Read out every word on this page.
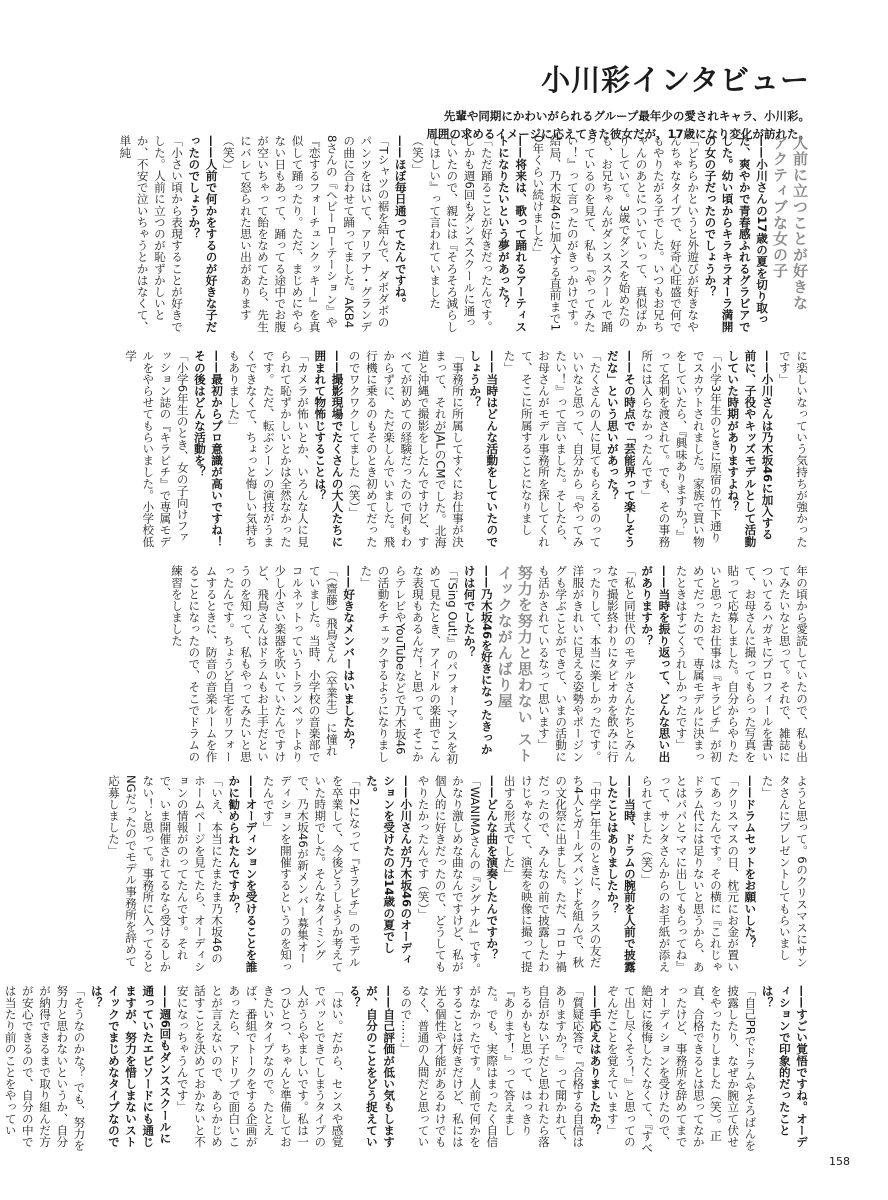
小川彩インタビュー

先輩や同期にかわいがられるグループ最年少の愛されキャラ、小川彩。

周囲の求めるイメージに応えてきた彼女だが、17歳になり変化が訪れた。

人前に立つことが好きな アクティブな女の子
——小川さんの17歳の夏を切り取った、爽やかで青春感ふれるグラビアでした。幼い頃からキラキラオーラ満開の女の子だったのでしょうか？
「どちらかというと外遊びが好きなやんちゃなタイプで、好奇心旺盛で何でもやりたがる子でした。いつもお兄ちゃんのあとについていって、真似ばかりしていて。3歳でダンスを始めたのも、お兄ちゃんがダンススクールで踊っているのを見て、私も『やってみたい！』って言ったのがきっかけです。結局、乃木坂46に加入する直前まで10年くらい続けました」
——将来は、歌って踊れるアーティストになりたいという夢があった？
「ただ踊ることが好きだったんです。しかも週6回もダンススクールに通っていたので、親には『そろそろ減らしてほしい』って言われていました（笑）」
——ほぼ毎日通ってたんですね。
「Tシャツの裾を結んで、ダボダボのパンツをはいて、アリアナ・グランデの曲に合わせて踊ってました。AKB48さんの『ヘビーローテーション』や『恋するフォーチュンクッキー』を真似して踊ったり。ただ、まじめにやらない日もあって、踊ってる途中でお腹が空いちゃって飴をなめてたら、先生にバレて怒られた思い出があります（笑）」
——人前で何かをするのが好きな子だったのでしょうか？
「小さい頃から表現することが好きでした。人前に立つのが恥ずかしいとか、不安で泣いちゃうとかはなくて、単純
に楽しいなっていう気持ちが強かったです」
——小川さんは乃木坂46に加入する前に、子役やキッズモデルとして活動していた時期がありますよね？
「小学3年生のときに原宿の竹下通りでスカウトされました。家族で買い物をしていたら、『興味ありますか？』って名刺を渡されて。でも、その事務所には入らなかったんです」
——その時点で「芸能界って楽しそうだな」という思いがあった？
「たくさんの人に見てもらえるのっていいなと思って、自分から『やってみたい！』って言いました。そしたら、お母さんがモデル事務所を探してくれて、そこに所属することになりました」
——当時はどんな活動をしていたのでしょうか？
「事務所に所属してすぐにお仕事が決まって、それがJALのCMでした。北海道と沖縄で撮影をしたんですけど、すべてが初めての経験だったので何もわからずに、ただ楽しんでいました。飛行機に乗るのもそのとき初めてだったのでワクワクしてました（笑）」
——撮影現場でたくさんの大人たちに囲まれて物怖じすることは？
「カメラが怖いとか、いろんな人に見られて恥ずかしいとかは全然なかったです。ただ、転ぶシーンの演技がうまくできなくて、ちょっと悔しい気持ちもありました」
——最初からプロ意識が高いですね！その後はどんな活動を？
「小学6年生のとき、女の子向けファッション誌の『キラピチ』で専属モデルをやらせてもらいました。小学校低学
年の頃から愛読していたので、私も出てみたいなと思って。それで、雑誌についてるハガキにプロフィールを書いて、お母さんに撮ってもらった写真を貼って応募しました。自分からやりたいと思ったお仕事は『キラピチ』が初めてだったので、専属モデルに決まったときはすごくうれしかったです」
——当時を振り返って、どんな思い出がありますか？
「私と同世代のモデルさんたちとみんなで撮影終わりにタピオカを飲みに行ったりして、本当に楽しかったです。洋服がきれいに見える姿勢やポージングも学ぶことができて、いまの活動にも活かされているなって思います」
努力を努力と思わない ストイックながんばり屋
——乃木坂46を好きになったきっかけは何でしたか？
「『Sing Out!』のパフォーマンスを初めて見たとき、アイドルの楽曲でこんな表現もあるんだ！と思って。そこからテレビやYouTubeなどで乃木坂46の活動をチェックするようになりました」
——好きなメンバーはいましたか？
「（齋藤）飛鳥さん（卒業生）に憧れていました。当時、小学校の音楽部でコルネットっていうトランペットより少し小さい楽器を吹いていたんですけど、飛鳥さんはドラムもお上手だというのを知って、私もやってみたいと思ったんです。ちょうど自宅をリフォームするときに、防音の音楽ルームを作ることになったので、そこでドラムの練習をしました
ようと思って。6のクリスマスにサンタさんにプレゼントしてもらいました」
——ドラムセットをお願いした？
「クリスマスの日、枕元にお金が置いてあったんです。その横に『これじゃドラム代には足りないと思うから、あとはパパとママに出してもらってね』って、サンタさんからのお手紙が添えられてました（笑）」
——当時、ドラムの腕前を人前で披露したことはありましたか？
「中学1年生のときに、クラスの友だち4人とガールズバンドを組んで、秋の文化祭に出ました。ただ、コロナ禍だったので、みんなの前で披露したわけじゃなくて、演奏を映像に撮って提出する形式でした」
——どんな曲を演奏したんですか？
「WANIMAさんの『シグナル』です。かなり激しめな曲なんですけど、私が個人的に好きだったので、どうしてもやりたかったんです（笑）」
——小川さんが乃木坂46のオーディションを受けたのは14歳の夏でした。
「中2になって『キラピチ』のモデルを卒業して、今後どうしようか考えていた時期でした。そんなタイミングで、乃木坂46が新メンバー募集オーディションを開催するというのを知ったんです」
——オーディションを受けることを誰かに勧められたんですか？
「いえ、本当にたまたま乃木坂46のホームページを見てたら、オーディションの情報がのってたんです。それで、いま開催されてるなら受けるしかない！と思って。事務所に入ってるとNGだったのでモデル事務所を辞めて応募しました」
——すごい覚悟ですね。オーディションで印象的だったことは？
「自己PRでドラムやそろばんを披露したり、なぜか腕立て伏せをやったりしました（笑）。正直、合格できるとは思ってなかったけど、事務所を辞めてまでオーディションを受けたので、絶対に後悔したくなくて、『すべて出し尽くそう！』と思ってのぞんだことを覚えています」
——手応えはありましたか？
「質疑応答で『合格する自信はありますか？』って聞かれて、自信がない子だと思われたら落ちるかもと思って、はっきり『あります！』って答えました。でも、実際はまったく自信がなかったです。人前で何かをすることは好きだけど、私には光る個性や才能があるわけでもなく、普通の人間だと思っているので……」
——自己評価が低い気もしますが、自分のことをどう捉えている？
「はい。だから、センスや感覚でパッとできてしまうタイプの人がうらやましいです。私は一つひとつ、ちゃんと準備しておきたいタイプなので。たとえば、番組でトークをする企画があったら、アドリブで面白いことが言えないので、あらかじめ話すことを決めておかないと不安になっちゃうんです」
——週6回もダンススクールに通っていたエピソードにも通じますが、努力を惜しまないストイックでまじめなタイプなのでは？
「そうなのかな？ でも、努力を努力と思わないというか、自分が納得できるまで取り組んだ方が安心できるので、自分の中では当たり前のことをやってい
158
